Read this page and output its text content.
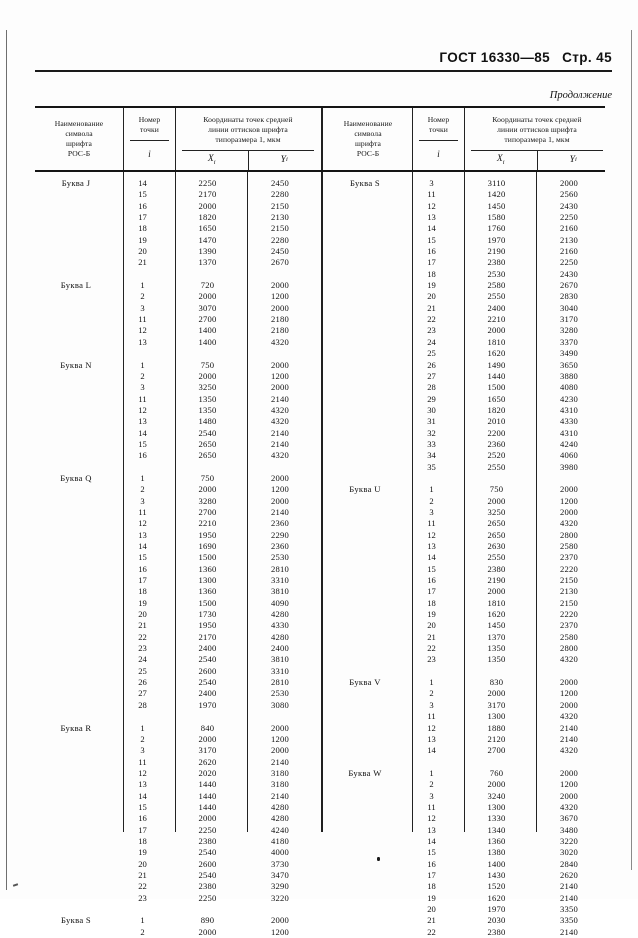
ГОСТ 16330—85 Стр. 45
Продолжение
Наименование
символа
шрифта
РОС-Б
Номер
точки
i
Координаты точек средней
линии оттисков шрифта
типоразмера 1, мкм
$X_i$	Y i
Наименование
символа
шрифта
РОС-Б
Номер
точки
i
Координаты точек средней
линии оттисков шрифта
типоразмера 1, мкм
$X_i$	Y i
Буква J

Буква L

Буква N

Буква Q

Буква R

Буква S

14
15
16
17
18
19
20
21

1
2
3
11
12
13

1
2
3
11
12
13
14
15
16

1
2
3
11
12
13
14
15
16
17
18
19
20
21
22
23
24
25
26
27
28

1
2
3
11
12
13
14
15
16
17
18
19
20
21
22
23

1
2
2250
2170
2000
1820
1650
1470
1390
1370

720
2000
3070
2700
1400
1400

750
2000
3250
1350
1350
1480
2540
2650
2650

750
2000
3280
2700
2210
1950
1690
1500
1360
1300
1360
1500
1730
1950
2170
2400
2540
2600
2540
2400
1970

840
2000
3170
2620
2020
1440
1440
1440
2000
2250
2380
2540
2600
2540
2380
2250

890
2000
2450
2280
2150
2130
2150
2280
2450
2670

2000
1200
2000
2180
2180
4320

2000
1200
2000
2140
4320
4320
2140
2140
4320

2000
1200
2000
2140
2360
2290
2360
2530
2810
3310
3810
4090
4280
4330
4280
2400
3810
3310
2810
2530
3080

2000
1200
2000
2140
3180
3180
2140
4280
4280
4240
4180
4000
3730
3470
3290
3220

2000
1200
Буква S

Буква U

Буква V

Буква W

3
11
12
13
14
15
16
17
18
19
20
21
22
23
24
25
26
27
28
29
30
31
32
33
34
35

1
2
3
11
12
13
14
15
16
17
18
19
20
21
22
23

1
2
3
11
12
13
14

1
2
3
11
12
13
14
15
16
17
18
19
20
21
22
3110
1420
1450
1580
1760
1970
2190
2380
2530
2580
2550
2400
2210
2000
1810
1620
1490
1440
1500
1650
1820
2010
2200
2360
2520
2550

750
2000
3250
2650
2650
2630
2550
2380
2190
2000
1810
1620
1450
1370
1350
1350

830
2000
3170
1300
1880
2120
2700

760
2000
3240
1300
1330
1340
1360
1380
1400
1430
1520
1620
1970
2030
2380
2000
2560
2430
2250
2160
2130
2160
2250
2430
2670
2830
3040
3170
3280
3370
3490
3650
3880
4080
4230
4310
4330
4310
4240
4060
3980

2000
1200
2000
4320
2800
2580
2370
2220
2150
2130
2150
2220
2370
2580
2800
4320

2000
1200
2000
4320
2140
2140
4320

2000
1200
2000
4320
3670
3480
3220
3020
2840
2620
2140
2140
3350
3350
2140
